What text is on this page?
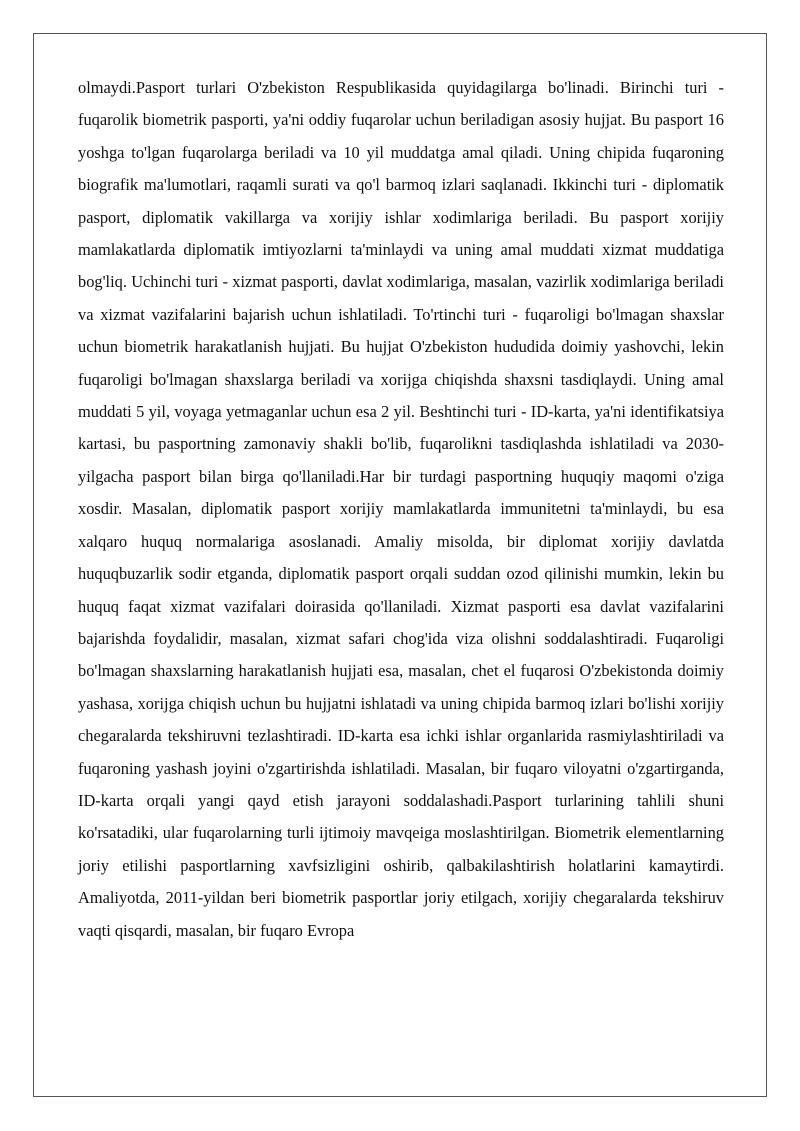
olmaydi.Pasport turlari O'zbekiston Respublikasida quyidagilarga bo'linadi. Birinchi turi - fuqarolik biometrik pasporti, ya'ni oddiy fuqarolar uchun beriladigan asosiy hujjat. Bu pasport 16 yoshga to'lgan fuqarolarga beriladi va 10 yil muddatga amal qiladi. Uning chipida fuqaroning biografik ma'lumotlari, raqamli surati va qo'l barmoq izlari saqlanadi. Ikkinchi turi - diplomatik pasport, diplomatik vakillarga va xorijiy ishlar xodimlariga beriladi. Bu pasport xorijiy mamlakatlarda diplomatik imtiyozlarni ta'minlaydi va uning amal muddati xizmat muddatiga bog'liq. Uchinchi turi - xizmat pasporti, davlat xodimlariga, masalan, vazirlik xodimlariga beriladi va xizmat vazifalarini bajarish uchun ishlatiladi. To'rtinchi turi - fuqaroligi bo'lmagan shaxslar uchun biometrik harakatlanish hujjati. Bu hujjat O'zbekiston hududida doimiy yashovchi, lekin fuqaroligi bo'lmagan shaxslarga beriladi va xorijga chiqishda shaxsni tasdiqlaydi. Uning amal muddati 5 yil, voyaga yetmaganlar uchun esa 2 yil. Beshtinchi turi - ID-karta, ya'ni identifikatsiya kartasi, bu pasportning zamonaviy shakli bo'lib, fuqarolikni tasdiqlashda ishlatiladi va 2030-yilgacha pasport bilan birga qo'llaniladi.Har bir turdagi pasportning huquqiy maqomi o'ziga xosdir. Masalan, diplomatik pasport xorijiy mamlakatlarda immunitetni ta'minlaydi, bu esa xalqaro huquq normalariga asoslanadi. Amaliy misolda, bir diplomat xorijiy davlatda huquqbuzarlik sodir etganda, diplomatik pasport orqali suddan ozod qilinishi mumkin, lekin bu huquq faqat xizmat vazifalari doirasida qo'llaniladi. Xizmat pasporti esa davlat vazifalarini bajarishda foydalidir, masalan, xizmat safari chog'ida viza olishni soddalashtiradi. Fuqaroligi bo'lmagan shaxslarning harakatlanish hujjati esa, masalan, chet el fuqarosi O'zbekistonda doimiy yashasa, xorijga chiqish uchun bu hujjatni ishlatadi va uning chipida barmoq izlari bo'lishi xorijiy chegaralarda tekshiruvni tezlashtiradi. ID-karta esa ichki ishlar organlarida rasmiylashtiriladi va fuqaroning yashash joyini o'zgartirishda ishlatiladi. Masalan, bir fuqaro viloyatni o'zgartirganda, ID-karta orqali yangi qayd etish jarayoni soddalashadi.Pasport turlarining tahlili shuni ko'rsatadiki, ular fuqarolarning turli ijtimoiy mavqeiga moslashtirilgan. Biometrik elementlarning joriy etilishi pasportlarning xavfsizligini oshirib, qalbakilashtirish holatlarini kamaytirdi. Amaliyotda, 2011-yildan beri biometrik pasportlar joriy etilgach, xorijiy chegaralarda tekshiruv vaqti qisqardi, masalan, bir fuqaro Evropa
